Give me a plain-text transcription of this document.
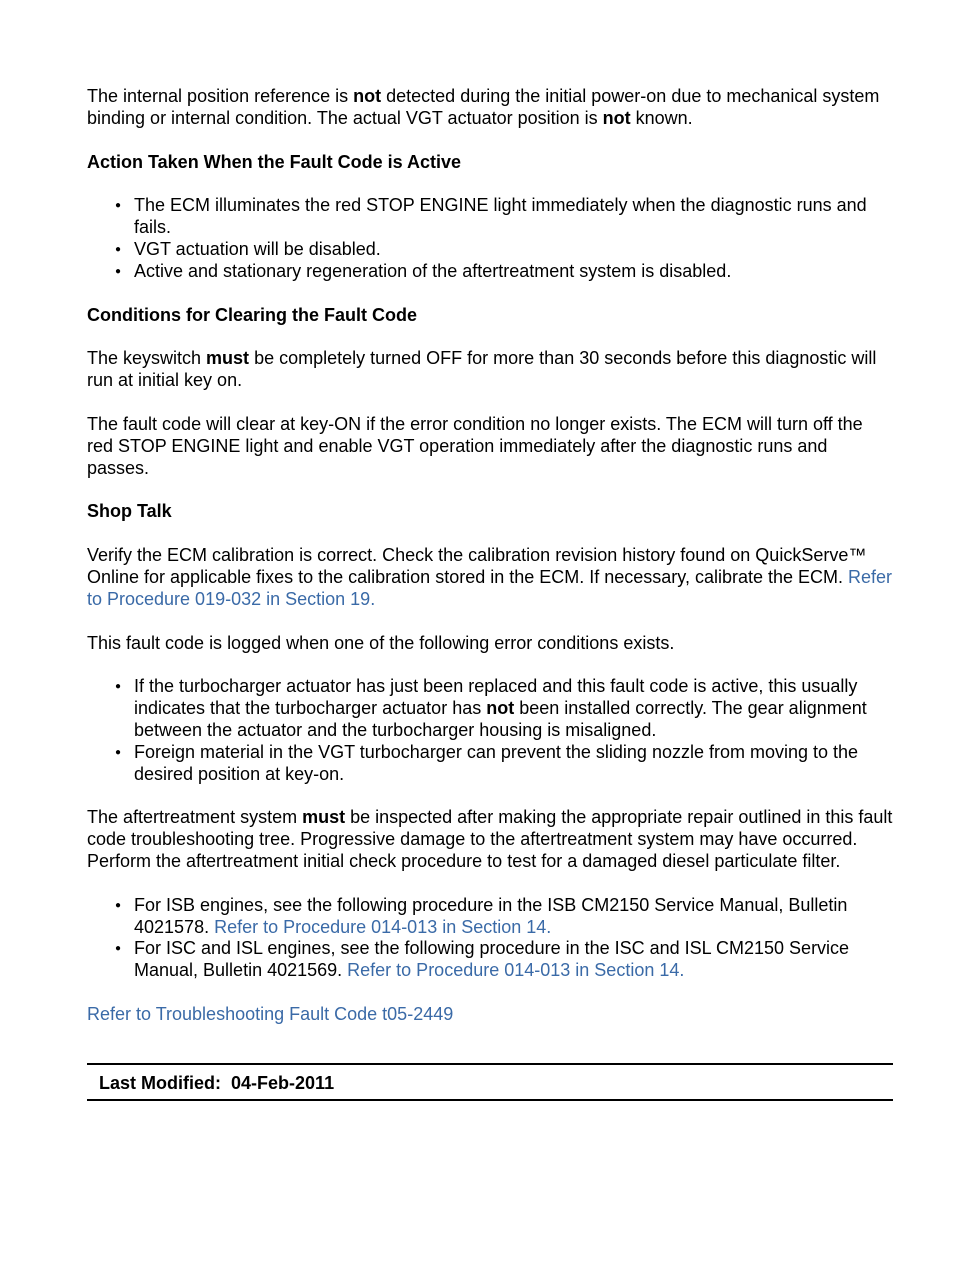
The internal position reference is not detected during the initial power-on due to mechanical system binding or internal condition. The actual VGT actuator position is not known.

Action Taken When the Fault Code is Active
● The ECM illuminates the red STOP ENGINE light immediately when the diagnostic runs and fails.
● VGT actuation will be disabled.
● Active and stationary regeneration of the aftertreatment system is disabled.
Conditions for Clearing the Fault Code

The keyswitch must be completely turned OFF for more than 30 seconds before this diagnostic will run at initial key on.

The fault code will clear at key-ON if the error condition no longer exists. The ECM will turn off the red STOP ENGINE light and enable VGT operation immediately after the diagnostic runs and passes.

Shop Talk

Verify the ECM calibration is correct. Check the calibration revision history found on QuickServe™ Online for applicable fixes to the calibration stored in the ECM. If necessary, calibrate the ECM. Refer to Procedure 019-032 in Section 19.

This fault code is logged when one of the following error conditions exists.

● If the turbocharger actuator has just been replaced and this fault code is active, this usually indicates that the turbocharger actuator has not been installed correctly. The gear alignment between the actuator and the turbocharger housing is misaligned.
● Foreign material in the VGT turbocharger can prevent the sliding nozzle from moving to the desired position at key-on.

The aftertreatment system must be inspected after making the appropriate repair outlined in this fault code troubleshooting tree. Progressive damage to the aftertreatment system may have occurred. Perform the aftertreatment initial check procedure to test for a damaged diesel particulate filter.

● For ISB engines, see the following procedure in the ISB CM2150 Service Manual, Bulletin 4021578. Refer to Procedure 014-013 in Section 14.
● For ISC and ISL engines, see the following procedure in the ISC and ISL CM2150 Service Manual, Bulletin 4021569. Refer to Procedure 014-013 in Section 14.

Refer to Troubleshooting Fault Code t05-2449

Last Modified: 04-Feb-2011
